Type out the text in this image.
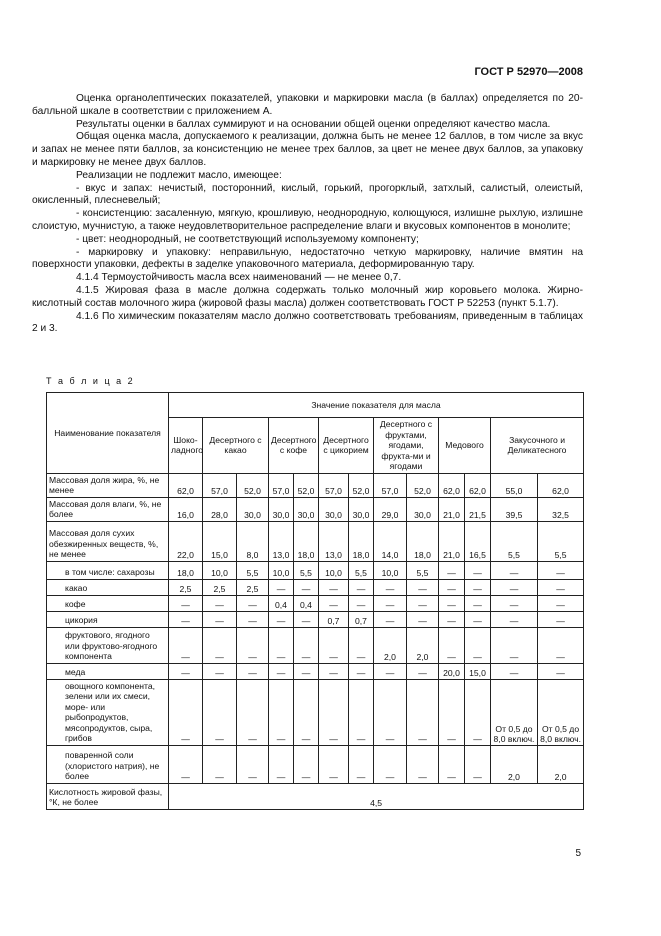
ГОСТ Р 52970—2008

Оценка органолептических показателей, упаковки и маркировки масла (в баллах) определяется по 20-балльной шкале в соответствии с приложением А.

Результаты оценки в баллах суммируют и на основании общей оценки определяют качество масла.

Общая оценка масла, допускаемого к реализации, должна быть не менее 12 баллов, в том числе за вкус и запах не менее пяти баллов, за консистенцию не менее трех баллов, за цвет не менее двух баллов, за упаковку и маркировку не менее двух баллов.

Реализации не подлежит масло, имеющее:

- вкус и запах: нечистый, посторонний, кислый, горький, прогорклый, затхлый, салистый, олеистый, окисленный, плесневелый;

- консистенцию: засаленную, мягкую, крошливую, неоднородную, колющуюся, излишне рыхлую, излишне слоистую, мучнистую, а также неудовлетворительное распределение влаги и вкусовых компонентов в монолите;

- цвет: неоднородный, не соответствующий используемому компоненту;

- маркировку и упаковку: неправильную, недостаточно четкую маркировку, наличие вмятин на поверхности упаковки, дефекты в заделке упаковочного материала, деформированную тару.

4.1.4 Термоустойчивость масла всех наименований — не менее 0,7.

4.1.5 Жировая фаза в масле должна содержать только молочный жир коровьего молока. Жирно-кислотный состав молочного жира (жировой фазы масла) должен соответствовать ГОСТ Р 52253 (пункт 5.1.7).

4.1.6 По химическим показателям масло должно соответствовать требованиям, приведенным в таблицах 2 и 3.

Т а б л и ц а 2
Наименование показателя	Значение показателя для масла												
	Шоко-ладного	Десертного с какао		Десертного с кофе		Десертного с цикорием		Десертного с фруктами, ягодами, фрукта-ми и ягодами		Медового		Закусочного и Деликатесного	
Массовая доля жира, %, не менее	62,0	57,0	52,0	57,0	52,0	57,0	52,0	57,0	52,0	62,0	62,0	55,0	62,0
Массовая доля влаги, %, не более	16,0	28,0	30,0	30,0	30,0	30,0	30,0	29,0	30,0	21,0	21,5	39,5	32,5
Массовая доля сухих обезжиренных веществ, %, не менее	22,0	15,0	8,0	13,0	18,0	13,0	18,0	14,0	18,0	21,0	16,5	5,5	5,5
в том числе: сахарозы	18,0	10,0	5,5	10,0	5,5	10,0	5,5	10,0	5,5	—	—	—	—
какао	2,5	2,5	2,5	—	—	—	—	—	—	—	—	—	—
кофе	—	—	—	0,4	0,4	—	—	—	—	—	—	—	—
цикория	—	—	—	—	—	0,7	0,7	—	—	—	—	—	—
фруктового, ягодного или фруктово-ягодного компонента	—	—	—	—	—	—	—	2,0	2,0	—	—	—	—
меда	—	—	—	—	—	—	—	—	—	20,0	15,0	—	—
овощного компонента, зелени или их смеси, море- или рыбопродуктов, мясопродуктов, сыра, грибов	—	—	—	—	—	—	—	—	—	—	—	От 0,5 до 8,0 включ.	От 0,5 до 8,0 включ.
поваренной соли (хлористого натрия), не более	—	—	—	—	—	—	—	—	—	—	—	2,0	2,0
Кислотность жировой фазы, °К, не более	4,5												
5
